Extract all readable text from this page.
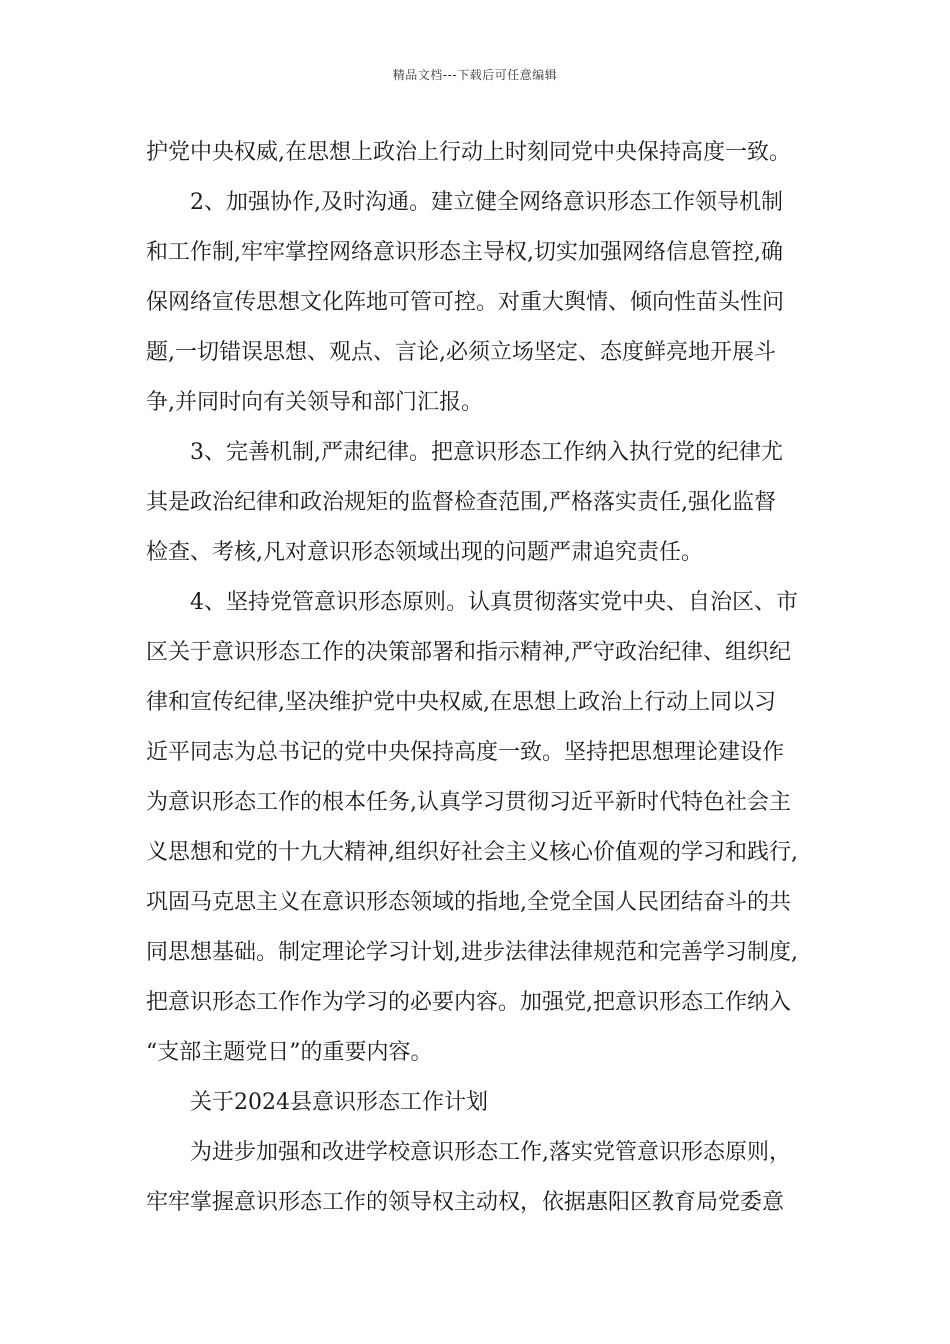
精品文档---下载后可任意编辑
护党中央权威,在思想上政治上行动上时刻同党中央保持高度一致。
2、加强协作,及时沟通。建立健全网络意识形态工作领导机制
和工作制,牢牢掌控网络意识形态主导权,切实加强网络信息管控,确
保网络宣传思想文化阵地可管可控。对重大舆情、倾向性苗头性问
题,一切错误思想、观点、言论,必须立场坚定、态度鲜亮地开展斗
争,并同时向有关领导和部门汇报。
3、完善机制,严肃纪律。把意识形态工作纳入执行党的纪律尤
其是政治纪律和政治规矩的监督检查范围,严格落实责任,强化监督
检查、考核,凡对意识形态领域出现的问题严肃追究责任。
4、坚持党管意识形态原则。认真贯彻落实党中央、自治区、市
区关于意识形态工作的决策部署和指示精神,严守政治纪律、组织纪
律和宣传纪律,坚决维护党中央权威,在思想上政治上行动上同以习
近平同志为总书记的党中央保持高度一致。坚持把思想理论建设作
为意识形态工作的根本任务,认真学习贯彻习近平新时代特色社会主
义思想和党的十九大精神,组织好社会主义核心价值观的学习和践行,
巩固马克思主义在意识形态领域的指地,全党全国人民团结奋斗的共
同思想基础。制定理论学习计划,进步法律法律规范和完善学习制度,
把意识形态工作作为学习的必要内容。加强党,把意识形态工作纳入
“支部主题党日”的重要内容。
关于2024县意识形态工作计划
为进步加强和改进学校意识形态工作,落实党管意识形态原则，
牢牢掌握意识形态工作的领导权主动权，依据惠阳区教育局党委意
